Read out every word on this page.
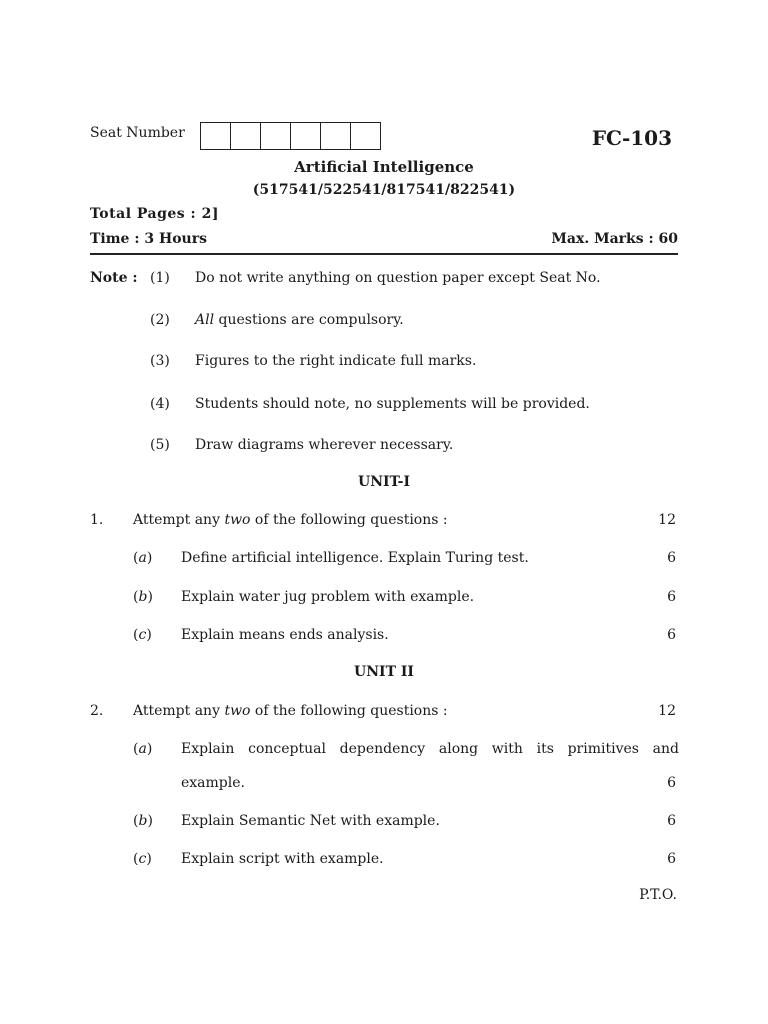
Seat Number	FC-103
Artificial Intelligence
(517541/522541/817541/822541)
Total Pages : 2]
Time : 3 Hours	Max. Marks : 60
Note : (1) Do not write anything on question paper except Seat No.
(2) All questions are compulsory.
(3) Figures to the right indicate full marks.
(4) Students should note, no supplements will be provided.
(5) Draw diagrams wherever necessary.
UNIT-I
1. Attempt any two of the following questions :	12
(a) Define artificial intelligence. Explain Turing test.	6
(b) Explain water jug problem with example.	6
(c) Explain means ends analysis.	6
UNIT II
2. Attempt any two of the following questions :	12
(a) Explain conceptual dependency along with its primitives and
example.	6
(b) Explain Semantic Net with example.	6
(c) Explain script with example.	6
P.T.O.
